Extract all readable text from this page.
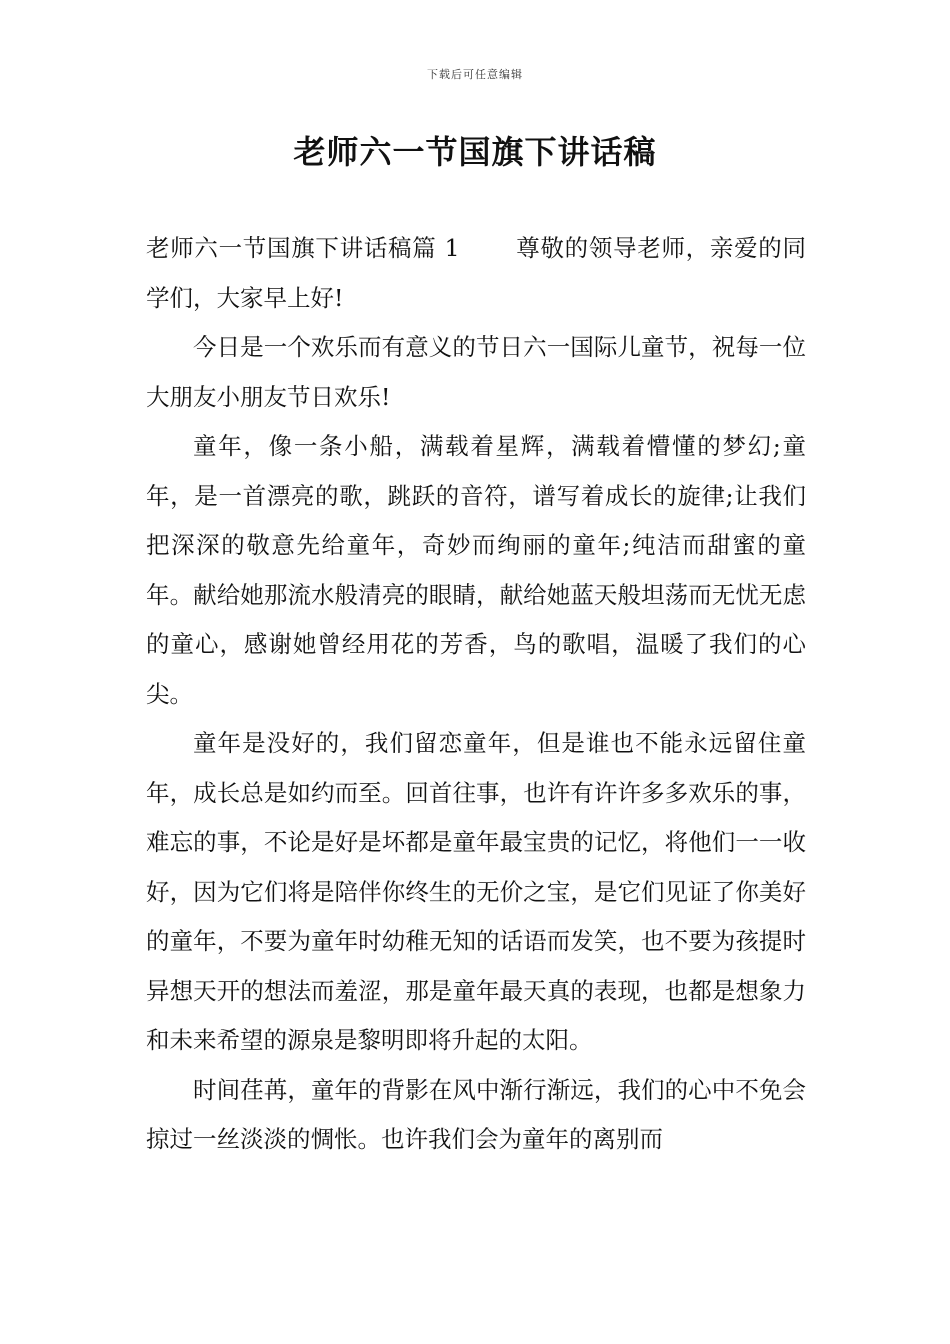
下载后可任意编辑
老师六一节国旗下讲话稿

老师六一节国旗下讲话稿篇 1 尊敬的领导老师，亲爱的同学们，大家早上好!

今日是一个欢乐而有意义的节日六一国际儿童节，祝每一位大朋友小朋友节日欢乐!

童年，像一条小船，满载着星辉，满载着懵懂的梦幻;童年，是一首漂亮的歌，跳跃的音符，谱写着成长的旋律;让我们把深深的敬意先给童年，奇妙而绚丽的童年;纯洁而甜蜜的童年。献给她那流水般清亮的眼睛，献给她蓝天般坦荡而无忧无虑的童心，感谢她曾经用花的芳香，鸟的歌唱，温暖了我们的心尖。

童年是没好的，我们留恋童年，但是谁也不能永远留住童年，成长总是如约而至。回首往事，也许有许许多多欢乐的事，难忘的事，不论是好是坏都是童年最宝贵的记忆，将他们一一收好，因为它们将是陪伴你终生的无价之宝，是它们见证了你美好的童年，不要为童年时幼稚无知的话语而发笑，也不要为孩提时异想天开的想法而羞涩，那是童年最天真的表现，也都是想象力和未来希望的源泉是黎明即将升起的太阳。

时间荏苒，童年的背影在风中渐行渐远，我们的心中不免会掠过一丝淡淡的惆怅。也许我们会为童年的离别而
